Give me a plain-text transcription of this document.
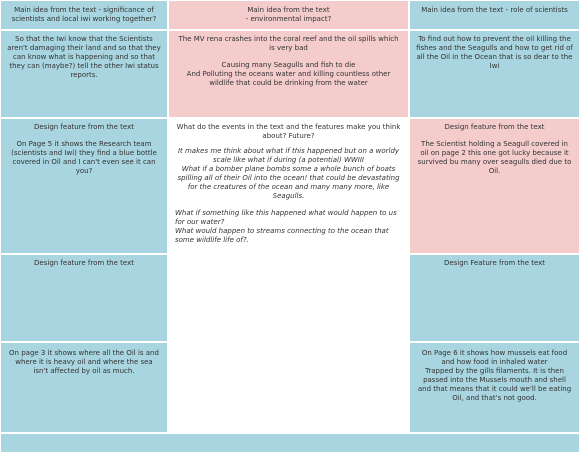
Main idea from the text - significance of scientists and local iwi working together?
Main idea from the text
- environmental impact?
Main idea from the text - role of scientists
So that the Iwi know that the Scientists aren't damaging their land and so that they can know what is happening and so that they can (maybe?) tell the other Iwi status reports.
The MV rena crashes into the coral reef and the oil spills which is very bad
Causing many Seagulls and fish to die
And Polluting the oceans water and killing countless other wildlife that could be drinking from the water
To find out how to prevent the oil killing the fishes and the Seagulls and how to get rid of all the Oil in the Ocean that is so dear to the Iwi
Design feature from the text
On Page 5 it shows the Research team (scientists and Iwi) they find a blue bottle covered in Oil and I can't even see it can you?
What do the events in the text and the features make you think about? Future?
It makes me think about what if this happened but on a worldy scale like what if during (a potential) WWIII
What if a bomber plane bombs some a whole bunch of boats spilling all of their Oil into the ocean! that could be devastating for the creatures of the ocean and many many more, like Seagulls.
What if something like this happened what would happen to us for our water?
What would happen to streams connecting to the ocean that some wildlife life of?.
Design feature from the text
The Scientist holding a Seagull covered in oil on page 2 this one got lucky because it survived bu many over seagulls died due to Oil.
Design feature from the text	Design Feature from the text
On page 3 it shows where all the Oil is and where it is heavy oil and where the sea isn't affected by oil as much.
On Page 6 it shows how mussels eat food and how food in inhaled water
Trapped by the gills filaments. It is then passed into the Mussels mouth and shell and that means that it could we'll be eating Oil, and that's not good.
